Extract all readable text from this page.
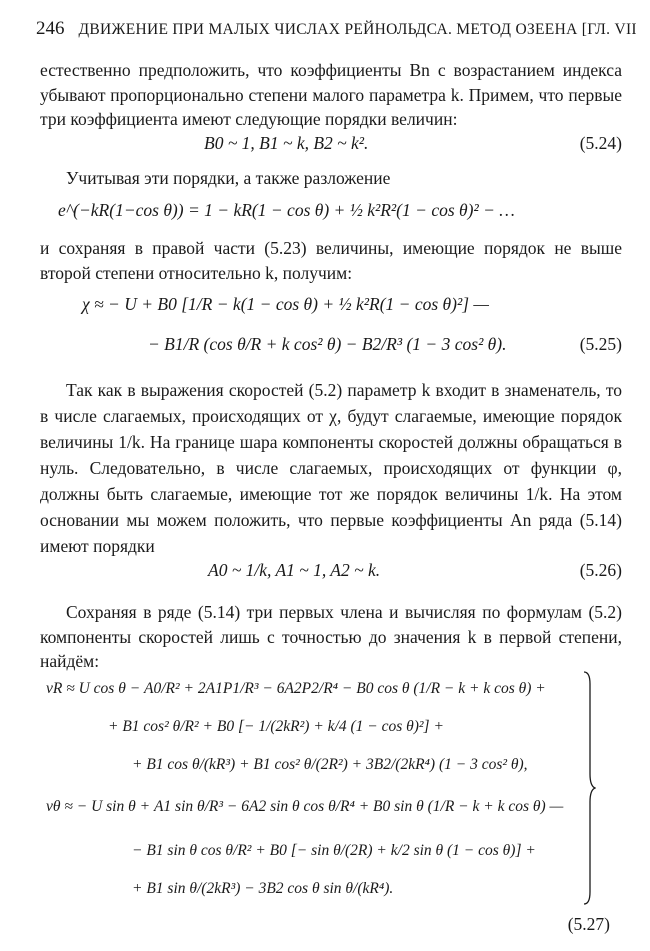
246 ДВИЖЕНИЕ ПРИ МАЛЫХ ЧИСЛАХ РЕЙНОЛЬДСА. МЕТОД ОЗЕЕНА [ГЛ. VII
естественно предположить, что коэффициенты Bn с возрастанием индекса убывают пропорционально степени малого параметра k. Примем, что первые три коэффициента имеют следующие порядки величин:
B0 ~ 1, B1 ~ k, B2 ~ k².	(5.24)
Учитывая эти порядки, а также разложение
e^(−kR(1−cos θ)) = 1 − kR(1 − cos θ) + ½ k²R²(1 − cos θ)² − …
и сохраняя в правой части (5.23) величины, имеющие порядок не выше второй степени относительно k, получим:
χ ≈ − U + B0 [1/R − k(1 − cos θ) + ½ k²R(1 − cos θ)²] —
− B1/R (cos θ/R + k cos² θ) − B2/R³ (1 − 3 cos² θ).	(5.25)
Так как в выражения скоростей (5.2) параметр k входит в знаменатель, то в числе слагаемых, происходящих от χ, будут слагаемые, имеющие порядок величины 1/k. На границе шара компоненты скоростей должны обращаться в нуль. Следовательно, в числе слагаемых, происходящих от функции φ, должны быть слагаемые, имеющие тот же порядок величины 1/k. На этом основании мы можем положить, что первые коэффициенты An ряда (5.14) имеют порядки
A0 ~ 1/k, A1 ~ 1, A2 ~ k.	(5.26)
Сохраняя в ряде (5.14) три первых члена и вычисляя по формулам (5.2) компоненты скоростей лишь с точностью до значения k в первой степени, найдём:
vR ≈ U cos θ − A0/R² + 2A1P1/R³ − 6A2P2/R⁴ − B0 cos θ (1/R − k + k cos θ) +
+ B1 cos² θ/R² + B0 [− 1/(2kR²) + k/4 (1 − cos θ)²] +
+ B1 cos θ/(kR³) + B1 cos² θ/(2R²) + 3B2/(2kR⁴) (1 − 3 cos² θ),
vθ ≈ − U sin θ + A1 sin θ/R³ − 6A2 sin θ cos θ/R⁴ + B0 sin θ (1/R − k + k cos θ) —
− B1 sin θ cos θ/R² + B0 [− sin θ/(2R) + k/2 sin θ (1 − cos θ)] +
+ B1 sin θ/(2kR³) − 3B2 cos θ sin θ/(kR⁴).
(5.27)
